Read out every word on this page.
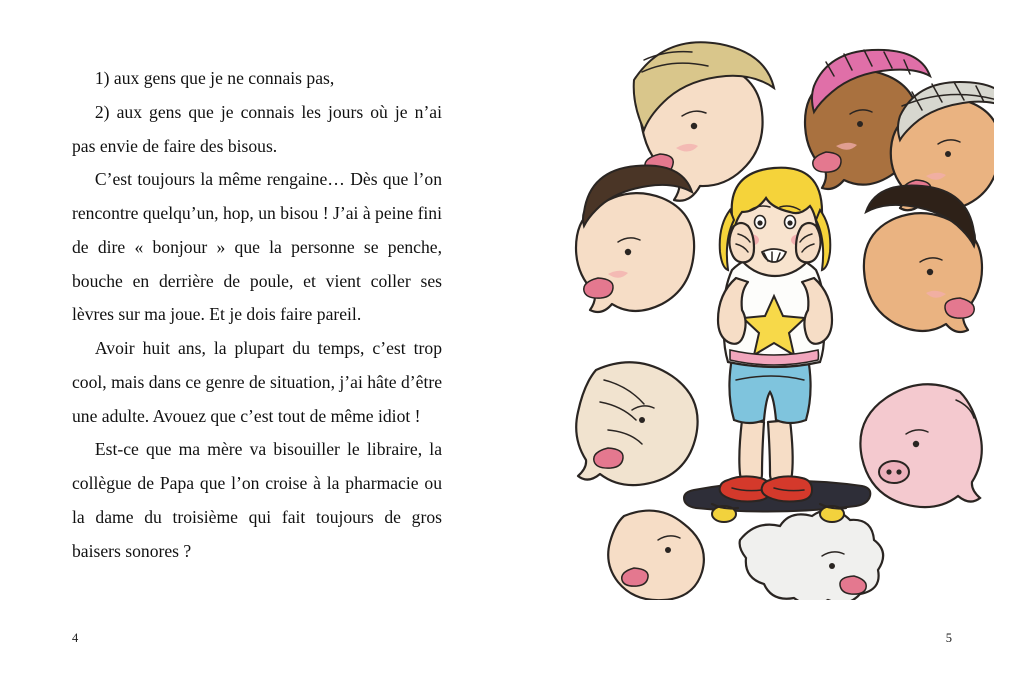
1) aux gens que je ne connais pas,

2) aux gens que je connais les jours où je n’ai pas envie de faire des bisous.

C’est toujours la même rengaine… Dès que l’on rencontre quelqu’un, hop, un bisou ! J’ai à peine fini de dire « bonjour » que la personne se penche, bouche en derrière de poule, et vient coller ses lèvres sur ma joue. Et je dois faire pareil.

Avoir huit ans, la plupart du temps, c’est trop cool, mais dans ce genre de situation, j’ai hâte d’être une adulte. Avouez que c’est tout de même idiot !

Est-ce que ma mère va bisouiller le libraire, la collègue de Papa que l’on croise à la pharmacie ou la dame du troisième qui fait toujours de gros baisers sonores ?

4	5
